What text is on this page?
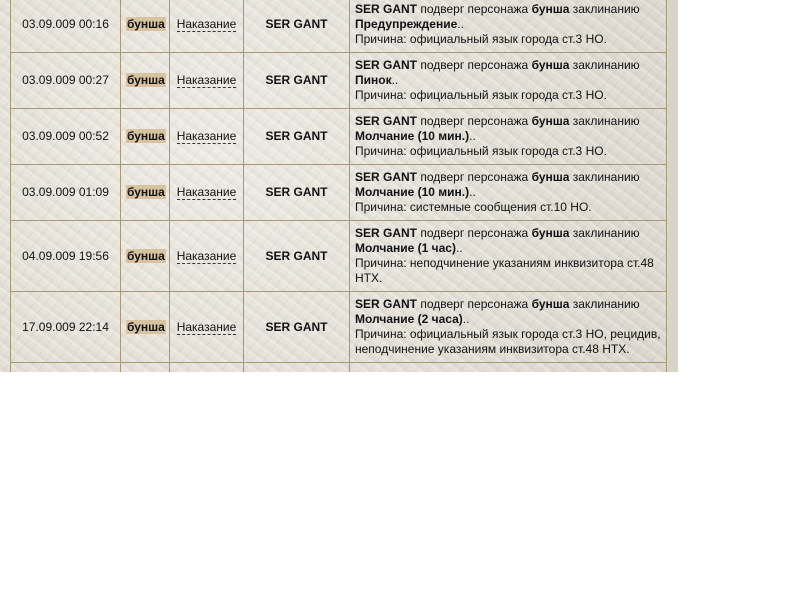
03.09.009 00:16	бунша	Наказание	SER GANT	SER GANT подверг персонажа бунша заклинанию
Предупреждение..
Причина: официальный язык города ст.3 НО.

03.09.009 00:27	бунша	Наказание	SER GANT	SER GANT подверг персонажа бунша заклинанию
Пинок..
Причина: официальный язык города ст.3 НО.

03.09.009 00:52	бунша	Наказание	SER GANT	SER GANT подверг персонажа бунша заклинанию
Молчание (10 мин.)..
Причина: официальный язык города ст.3 НО.

03.09.009 01:09	бунша	Наказание	SER GANT	SER GANT подверг персонажа бунша заклинанию
Молчание (10 мин.)..
Причина: системные сообщения ст.10 НО.

04.09.009 19:56	бунша	Наказание	SER GANT	SER GANT подверг персонажа бунша заклинанию
Молчание (1 час)..
Причина: неподчинение указаниям инквизитора ст.48 НТХ.

17.09.009 22:14	бунша	Наказание	SER GANT	SER GANT подверг персонажа бунша заклинанию
Молчание (2 часа)..
Причина: официальный язык города ст.3 НО, рецидив, неподчинение указаниям инквизитора ст.48 НТХ.
